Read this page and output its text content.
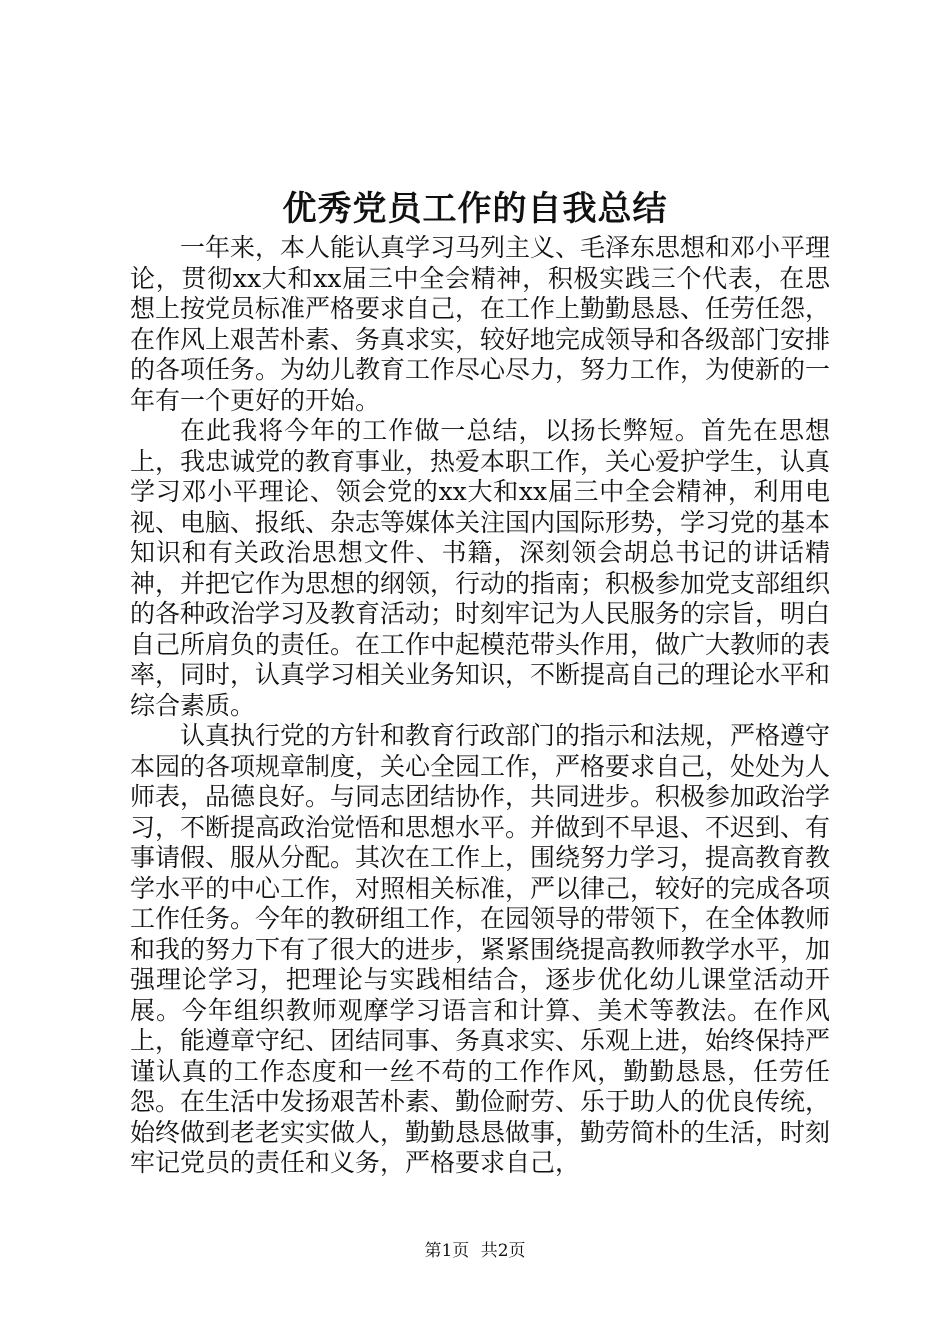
优秀党员工作的自我总结

一年来，本人能认真学习马列主义、毛泽东思想和邓小平理论，贯彻xx大和xx届三中全会精神，积极实践三个代表，在思想上按党员标准严格要求自己，在工作上勤勤恳恳、任劳任怨，在作风上艰苦朴素、务真求实，较好地完成领导和各级部门安排的各项任务。为幼儿教育工作尽心尽力，努力工作，为使新的一年有一个更好的开始。

在此我将今年的工作做一总结，以扬长弊短。首先在思想上，我忠诚党的教育事业，热爱本职工作，关心爱护学生，认真学习邓小平理论、领会党的xx大和xx届三中全会精神，利用电视、电脑、报纸、杂志等媒体关注国内国际形势，学习党的基本知识和有关政治思想文件、书籍，深刻领会胡总书记的讲话精神，并把它作为思想的纲领，行动的指南；积极参加党支部组织的各种政治学习及教育活动；时刻牢记为人民服务的宗旨，明白自己所肩负的责任。在工作中起模范带头作用，做广大教师的表率，同时，认真学习相关业务知识，不断提高自己的理论水平和综合素质。

认真执行党的方针和教育行政部门的指示和法规，严格遵守本园的各项规章制度，关心全园工作，严格要求自己，处处为人师表，品德良好。与同志团结协作，共同进步。积极参加政治学习，不断提高政治觉悟和思想水平。并做到不早退、不迟到、有事请假、服从分配。其次在工作上，围绕努力学习，提高教育教学水平的中心工作，对照相关标准，严以律己，较好的完成各项工作任务。今年的教研组工作，在园领导的带领下，在全体教师和我的努力下有了很大的进步，紧紧围绕提高教师教学水平，加强理论学习，把理论与实践相结合，逐步优化幼儿课堂活动开展。今年组织教师观摩学习语言和计算、美术等教法。在作风上，能遵章守纪、团结同事、务真求实、乐观上进，始终保持严谨认真的工作态度和一丝不苟的工作作风，勤勤恳恳，任劳任怨。在生活中发扬艰苦朴素、勤俭耐劳、乐于助人的优良传统，始终做到老老实实做人，勤勤恳恳做事，勤劳简朴的生活，时刻牢记党员的责任和义务，严格要求自己，

第1页 共2页
